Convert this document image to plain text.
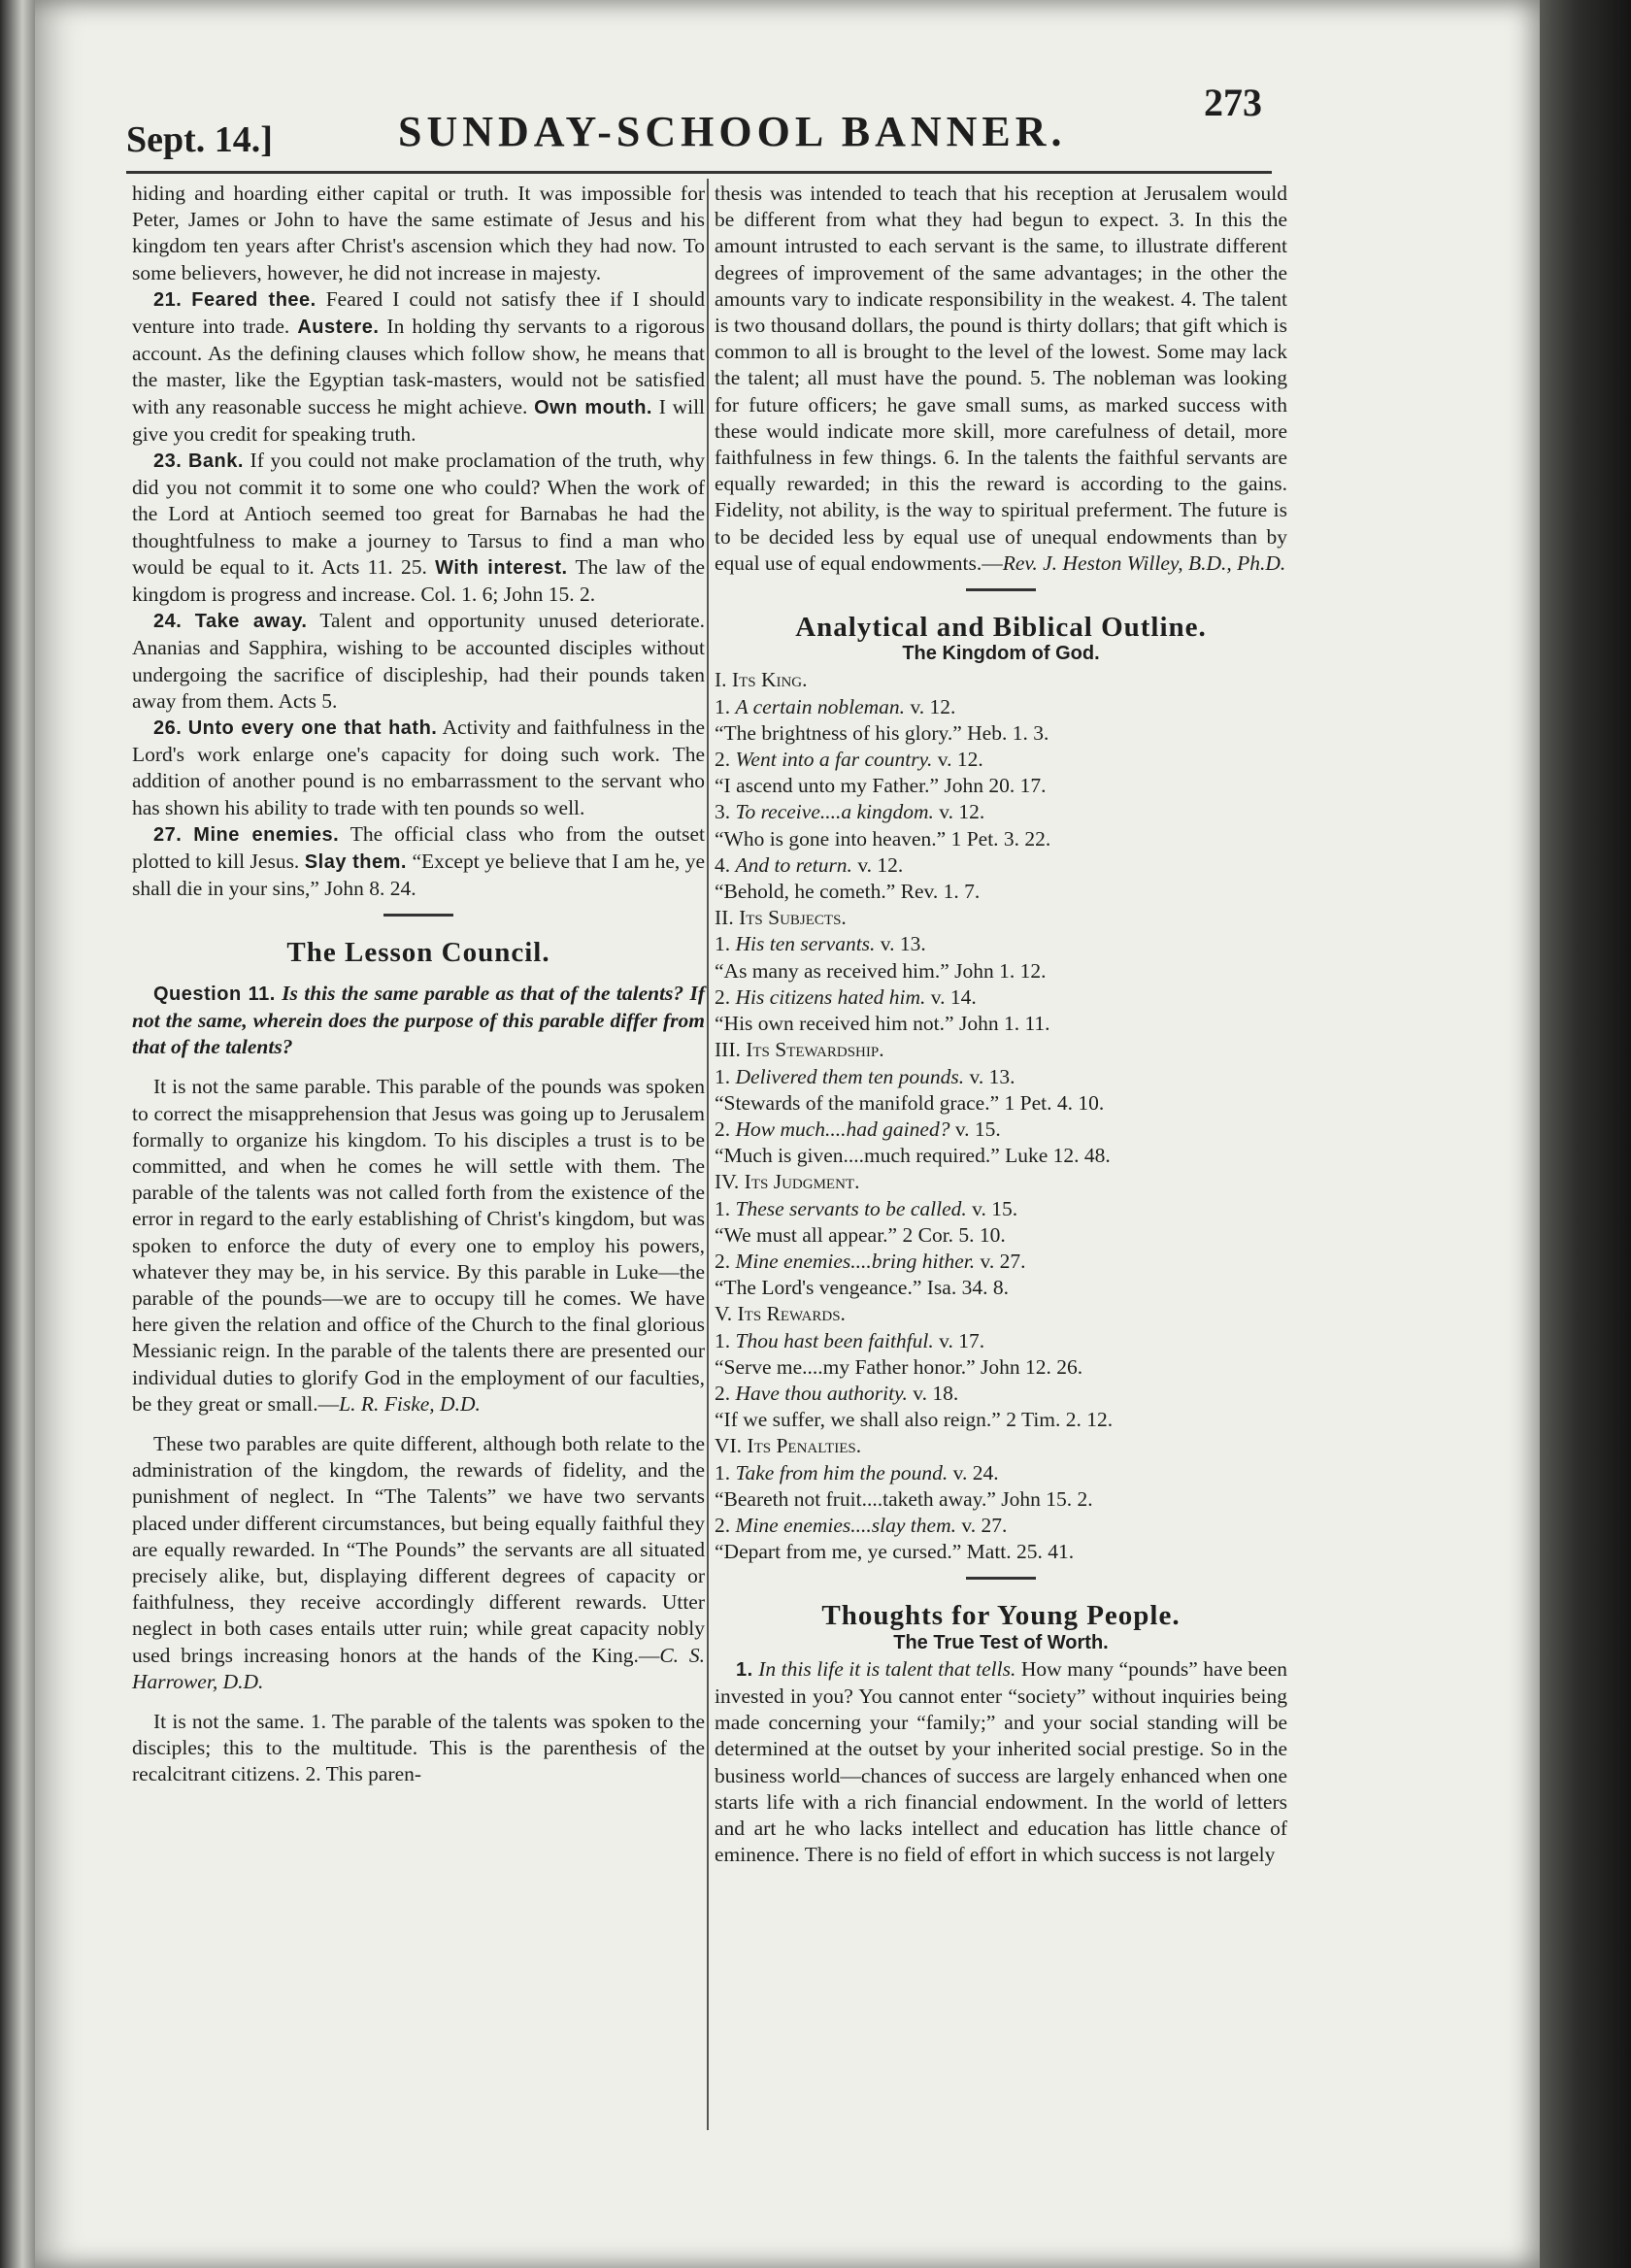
Sept. 14.]	SUNDAY-SCHOOL BANNER.
273

hiding and hoarding either capital or truth. It was impossible for Peter, James or John to have the same estimate of Jesus and his kingdom ten years after Christ's ascension which they had now. To some believers, however, he did not increase in majesty.

21. Feared thee. Feared I could not satisfy thee if I should venture into trade. Austere. In holding thy servants to a rigorous account. As the defining clauses which follow show, he means that the master, like the Egyptian task-masters, would not be satisfied with any reasonable success he might achieve. Own mouth. I will give you credit for speaking truth.

23. Bank. If you could not make proclamation of the truth, why did you not commit it to some one who could? When the work of the Lord at Antioch seemed too great for Barnabas he had the thoughtfulness to make a journey to Tarsus to find a man who would be equal to it. Acts 11. 25. With interest. The law of the kingdom is progress and increase. Col. 1. 6; John 15. 2.

24. Take away. Talent and opportunity unused deteriorate. Ananias and Sapphira, wishing to be accounted disciples without undergoing the sacrifice of discipleship, had their pounds taken away from them. Acts 5.

26. Unto every one that hath. Activity and faithfulness in the Lord's work enlarge one's capacity for doing such work. The addition of another pound is no embarrassment to the servant who has shown his ability to trade with ten pounds so well.

27. Mine enemies. The official class who from the outset plotted to kill Jesus. Slay them. “Except ye believe that I am he, ye shall die in your sins,” John 8. 24.

The Lesson Council.

Question 11. Is this the same parable as that of the talents? If not the same, wherein does the purpose of this parable differ from that of the talents?

It is not the same parable. This parable of the pounds was spoken to correct the misapprehension that Jesus was going up to Jerusalem formally to organize his kingdom. To his disciples a trust is to be committed, and when he comes he will settle with them. The parable of the talents was not called forth from the existence of the error in regard to the early establishing of Christ's kingdom, but was spoken to enforce the duty of every one to employ his powers, whatever they may be, in his service. By this parable in Luke—the parable of the pounds—we are to occupy till he comes. We have here given the relation and office of the Church to the final glorious Messianic reign. In the parable of the talents there are presented our individual duties to glorify God in the employment of our faculties, be they great or small.—L. R. Fiske, D.D.

These two parables are quite different, although both relate to the administration of the kingdom, the rewards of fidelity, and the punishment of neglect. In “The Talents” we have two servants placed under different circumstances, but being equally faithful they are equally rewarded. In “The Pounds” the servants are all situated precisely alike, but, displaying different degrees of capacity or faithfulness, they receive accordingly different rewards. Utter neglect in both cases entails utter ruin; while great capacity nobly used brings increasing honors at the hands of the King.—C. S. Harrower, D.D.

It is not the same. 1. The parable of the talents was spoken to the disciples; this to the multitude. This is the parenthesis of the recalcitrant citizens. 2. This paren-

thesis was intended to teach that his reception at Jerusalem would be different from what they had begun to expect. 3. In this the amount intrusted to each servant is the same, to illustrate different degrees of improvement of the same advantages; in the other the amounts vary to indicate responsibility in the weakest. 4. The talent is two thousand dollars, the pound is thirty dollars; that gift which is common to all is brought to the level of the lowest. Some may lack the talent; all must have the pound. 5. The nobleman was looking for future officers; he gave small sums, as marked success with these would indicate more skill, more carefulness of detail, more faithfulness in few things. 6. In the talents the faithful servants are equally rewarded; in this the reward is according to the gains. Fidelity, not ability, is the way to spiritual preferment. The future is to be decided less by equal use of unequal endowments than by equal use of equal endowments.—Rev. J. Heston Willey, B.D., Ph.D.

Analytical and Biblical Outline.

The Kingdom of God.

I. Its King.

1. A certain nobleman. v. 12.

“The brightness of his glory.” Heb. 1. 3.

2. Went into a far country. v. 12.

“I ascend unto my Father.” John 20. 17.

3. To receive....a kingdom. v. 12.

“Who is gone into heaven.” 1 Pet. 3. 22.

4. And to return. v. 12.

“Behold, he cometh.” Rev. 1. 7.

II. Its Subjects.

1. His ten servants. v. 13.

“As many as received him.” John 1. 12.

2. His citizens hated him. v. 14.

“His own received him not.” John 1. 11.

III. Its Stewardship.

1. Delivered them ten pounds. v. 13.

“Stewards of the manifold grace.” 1 Pet. 4. 10.

2. How much....had gained? v. 15.

“Much is given....much required.” Luke 12. 48.

IV. Its Judgment.

1. These servants to be called. v. 15.

“We must all appear.” 2 Cor. 5. 10.

2. Mine enemies....bring hither. v. 27.

“The Lord's vengeance.” Isa. 34. 8.

V. Its Rewards.

1. Thou hast been faithful. v. 17.

“Serve me....my Father honor.” John 12. 26.

2. Have thou authority. v. 18.

“If we suffer, we shall also reign.” 2 Tim. 2. 12.

VI. Its Penalties.

1. Take from him the pound. v. 24.

“Beareth not fruit....taketh away.” John 15. 2.

2. Mine enemies....slay them. v. 27.

“Depart from me, ye cursed.” Matt. 25. 41.

Thoughts for Young People.

The True Test of Worth.

1. In this life it is talent that tells. How many “pounds” have been invested in you? You cannot enter “society” without inquiries being made concerning your “family;” and your social standing will be determined at the outset by your inherited social prestige. So in the business world—chances of success are largely enhanced when one starts life with a rich financial endowment. In the world of letters and art he who lacks intellect and education has little chance of eminence. There is no field of effort in which success is not largely
